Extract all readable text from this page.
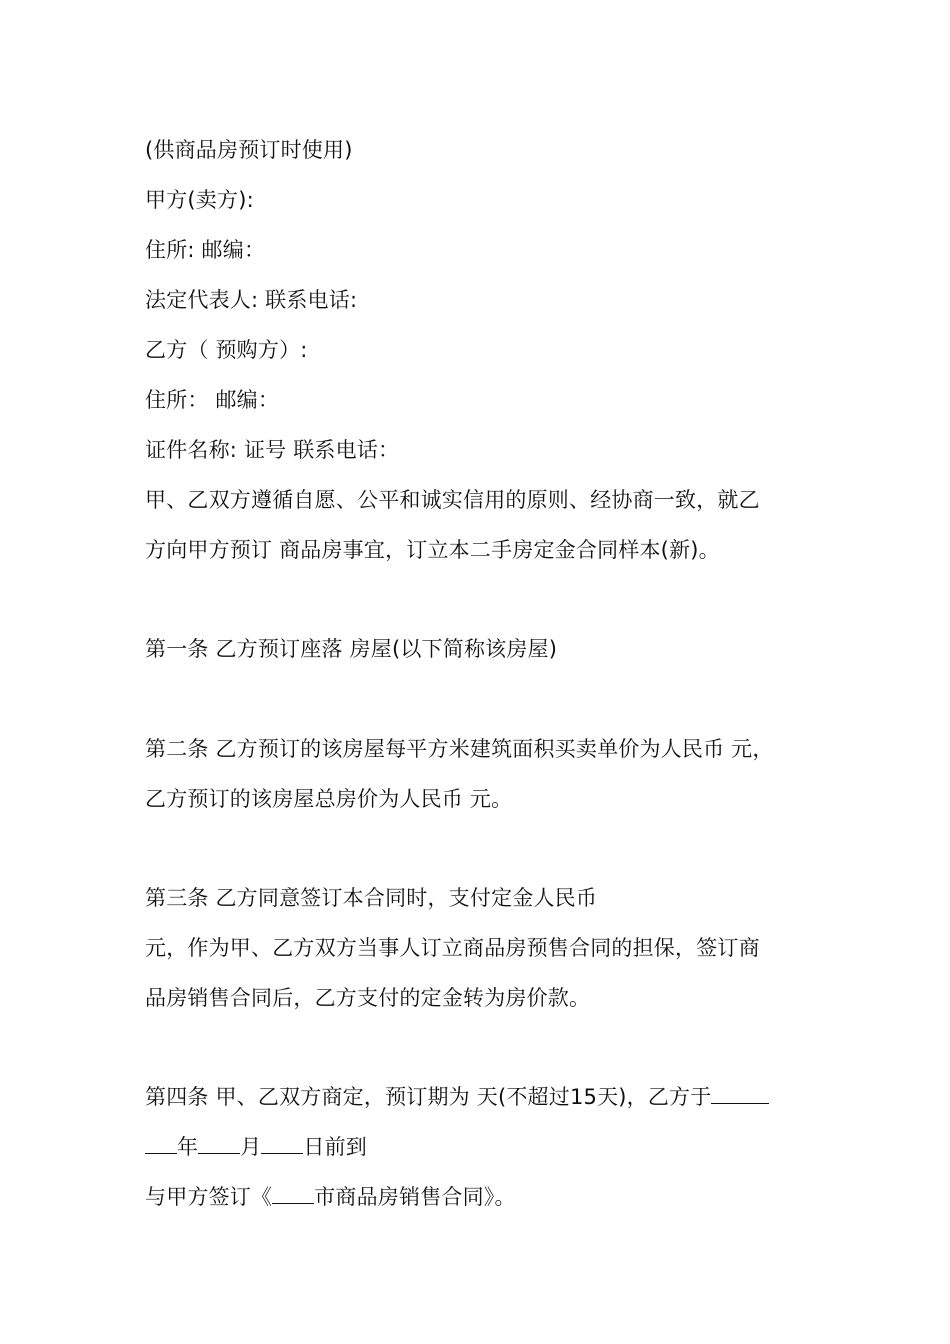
(供商品房预订时使用)
甲方(卖方):
住所: 邮编：
法定代表人: 联系电话:
乙方（ 预购方）:
住所： 邮编：
证件名称: 证号 联系电话：
甲、乙双方遵循自愿、公平和诚实信用的原则、经协商一致，就乙
方向甲方预订 商品房事宜，订立本二手房定金合同样本(新)。
第一条 乙方预订座落 房屋(以下简称该房屋)
第二条 乙方预订的该房屋每平方米建筑面积买卖单价为人民币 元，
乙方预订的该房屋总房价为人民币 元。
第三条 乙方同意签订本合同时，支付定金人民币
元，作为甲、乙方双方当事人订立商品房预售合同的担保，签订商
品房销售合同后，乙方支付的定金转为房价款。
第四条 甲、乙双方商定，预订期为 天(不超过15天)，乙方于
年 月 日前到
与甲方签订《 市商品房销售合同》。
